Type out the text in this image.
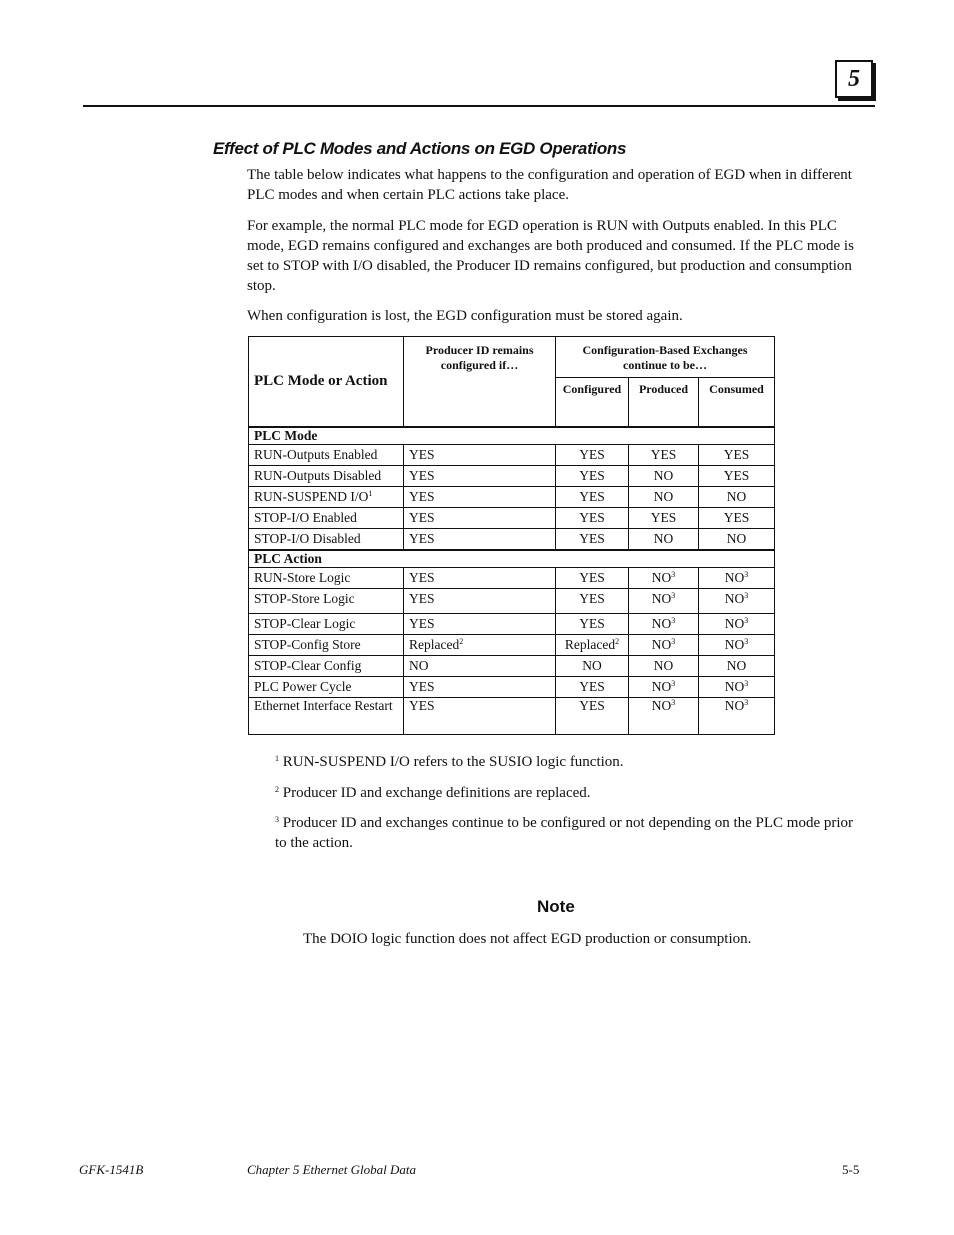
5
Effect of PLC Modes and Actions on EGD Operations

The table below indicates what happens to the configuration and operation of EGD when in different PLC modes and when certain PLC actions take place.

For example, the normal PLC mode for EGD operation is RUN with Outputs enabled. In this PLC mode, EGD remains configured and exchanges are both produced and consumed. If the PLC mode is set to STOP with I/O disabled, the Producer ID remains configured, but production and consumption stop.

When configuration is lost, the EGD configuration must be stored again.

PLC Mode or Action	Producer ID remains configured if…	Configuration-Based Exchanges continue to be…		
		Configured	Produced	Consumed
PLC Mode				
RUN-Outputs Enabled	YES	YES	YES	YES
RUN-Outputs Disabled	YES	YES	NO	YES
RUN-SUSPEND $I/O^1$	YES	YES	NO	NO
STOP-I/O Enabled	YES	YES	YES	YES
STOP-I/O Disabled	YES	YES	NO	NO
PLC Action				
RUN-Store Logic	YES	YES	$NO^3$	$NO^3$
STOP-Store Logic	YES	YES	$NO^3$	$NO^3$
STOP-Clear Logic	YES	YES	$NO^3$	$NO^3$
STOP-Config Store	Replaced$^2$	Replaced$^2$	$NO^3$	$NO^3$
STOP-Clear Config	NO	NO	NO	NO
PLC Power Cycle	YES	YES	$NO^3$	$NO^3$
Ethernet Interface Restart	YES	YES	$NO^3$	$NO^3$

$^1$ RUN-SUSPEND I/O refers to the SUSIO logic function.

$^2$ Producer ID and exchange definitions are replaced.

$^3$ Producer ID and exchanges continue to be configured or not depending on the PLC mode prior to the action.

Note

The DOIO logic function does not affect EGD production or consumption.

GFK-1541B	Chapter 5 Ethernet Global Data	5-5
